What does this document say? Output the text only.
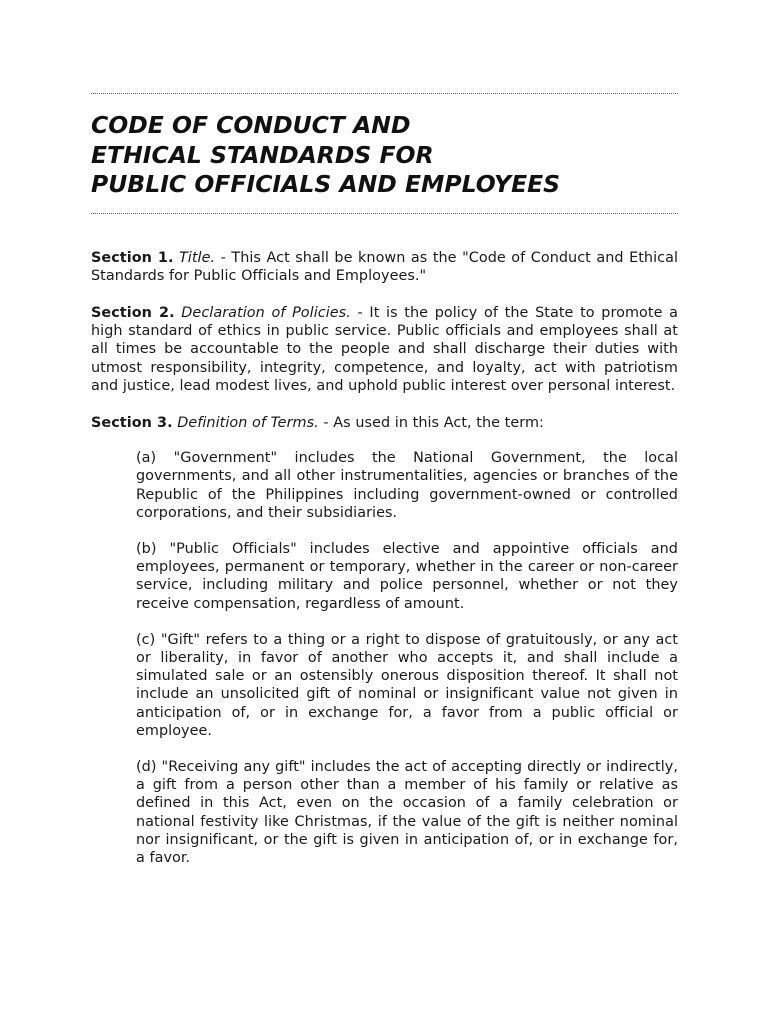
CODE OF CONDUCT AND
ETHICAL STANDARDS FOR
PUBLIC OFFICIALS AND EMPLOYEES

Section 1. Title. - This Act shall be known as the "Code of Conduct and Ethical Standards for Public Officials and Employees."

Section 2. Declaration of Policies. - It is the policy of the State to promote a high standard of ethics in public service. Public officials and employees shall at all times be accountable to the people and shall discharge their duties with utmost responsibility, integrity, competence, and loyalty, act with patriotism and justice, lead modest lives, and uphold public interest over personal interest.

Section 3. Definition of Terms. - As used in this Act, the term:

(a) "Government" includes the National Government, the local governments, and all other instrumentalities, agencies or branches of the Republic of the Philippines including government-owned or controlled corporations, and their subsidiaries.

(b) "Public Officials" includes elective and appointive officials and employees, permanent or temporary, whether in the career or non-career service, including military and police personnel, whether or not they receive compensation, regardless of amount.

(c) "Gift" refers to a thing or a right to dispose of gratuitously, or any act or liberality, in favor of another who accepts it, and shall include a simulated sale or an ostensibly onerous disposition thereof. It shall not include an unsolicited gift of nominal or insignificant value not given in anticipation of, or in exchange for, a favor from a public official or employee.

(d) "Receiving any gift" includes the act of accepting directly or indirectly, a gift from a person other than a member of his family or relative as defined in this Act, even on the occasion of a family celebration or national festivity like Christmas, if the value of the gift is neither nominal nor insignificant, or the gift is given in anticipation of, or in exchange for, a favor.
